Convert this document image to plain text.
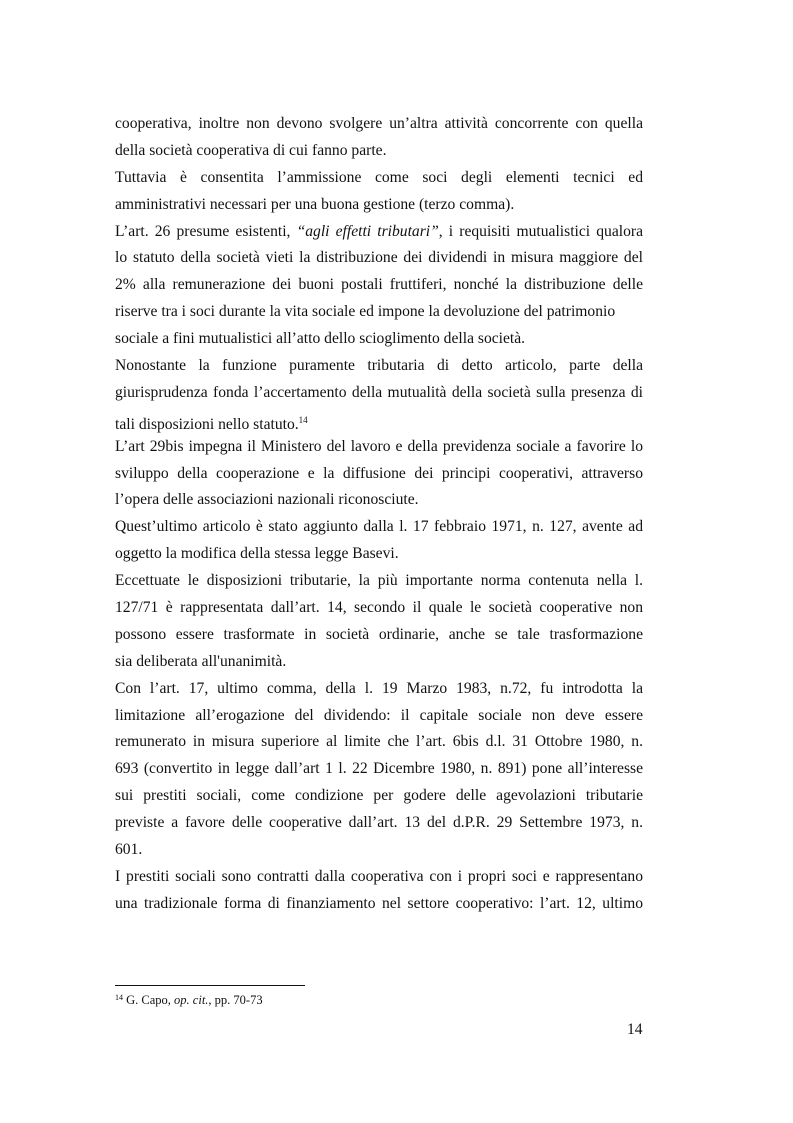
cooperativa, inoltre non devono svolgere un’altra attività concorrente con quella
della società cooperativa di cui fanno parte.
Tuttavia è consentita l’ammissione come soci degli elementi tecnici ed
amministrativi necessari per una buona gestione (terzo comma).
L’art. 26 presume esistenti, “agli effetti tributari”, i requisiti mutualistici qualora
lo statuto della società vieti la distribuzione dei dividendi in misura maggiore del
2% alla remunerazione dei buoni postali fruttiferi, nonché la distribuzione delle
riserve tra i soci durante la vita sociale ed impone la devoluzione del patrimonio
sociale a fini mutualistici all’atto dello scioglimento della società.
Nonostante la funzione puramente tributaria di detto articolo, parte della
giurisprudenza fonda l’accertamento della mutualità della società sulla presenza di
tali disposizioni nello statuto.$^{14}$
L’art 29bis impegna il Ministero del lavoro e della previdenza sociale a favorire lo
sviluppo della cooperazione e la diffusione dei principi cooperativi, attraverso
l’opera delle associazioni nazionali riconosciute.
Quest’ultimo articolo è stato aggiunto dalla l. 17 febbraio 1971, n. 127, avente ad
oggetto la modifica della stessa legge Basevi.
Eccettuate le disposizioni tributarie, la più importante norma contenuta nella l.
127/71 è rappresentata dall’art. 14, secondo il quale le società cooperative non
possono essere trasformate in società ordinarie, anche se tale trasformazione
sia deliberata all'unanimità.
Con l’art. 17, ultimo comma, della l. 19 Marzo 1983, n.72, fu introdotta la
limitazione all’erogazione del dividendo: il capitale sociale non deve essere
remunerato in misura superiore al limite che l’art. 6bis d.l. 31 Ottobre 1980, n.
693 (convertito in legge dall’art 1 l. 22 Dicembre 1980, n. 891) pone all’interesse
sui prestiti sociali, come condizione per godere delle agevolazioni tributarie
previste a favore delle cooperative dall’art. 13 del d.P.R. 29 Settembre 1973, n.
601.
I prestiti sociali sono contratti dalla cooperativa con i propri soci e rappresentano
una tradizionale forma di finanziamento nel settore cooperativo: l’art. 12, ultimo
$^{14}$ G. Capo, op. cit., pp. 70-73
14
